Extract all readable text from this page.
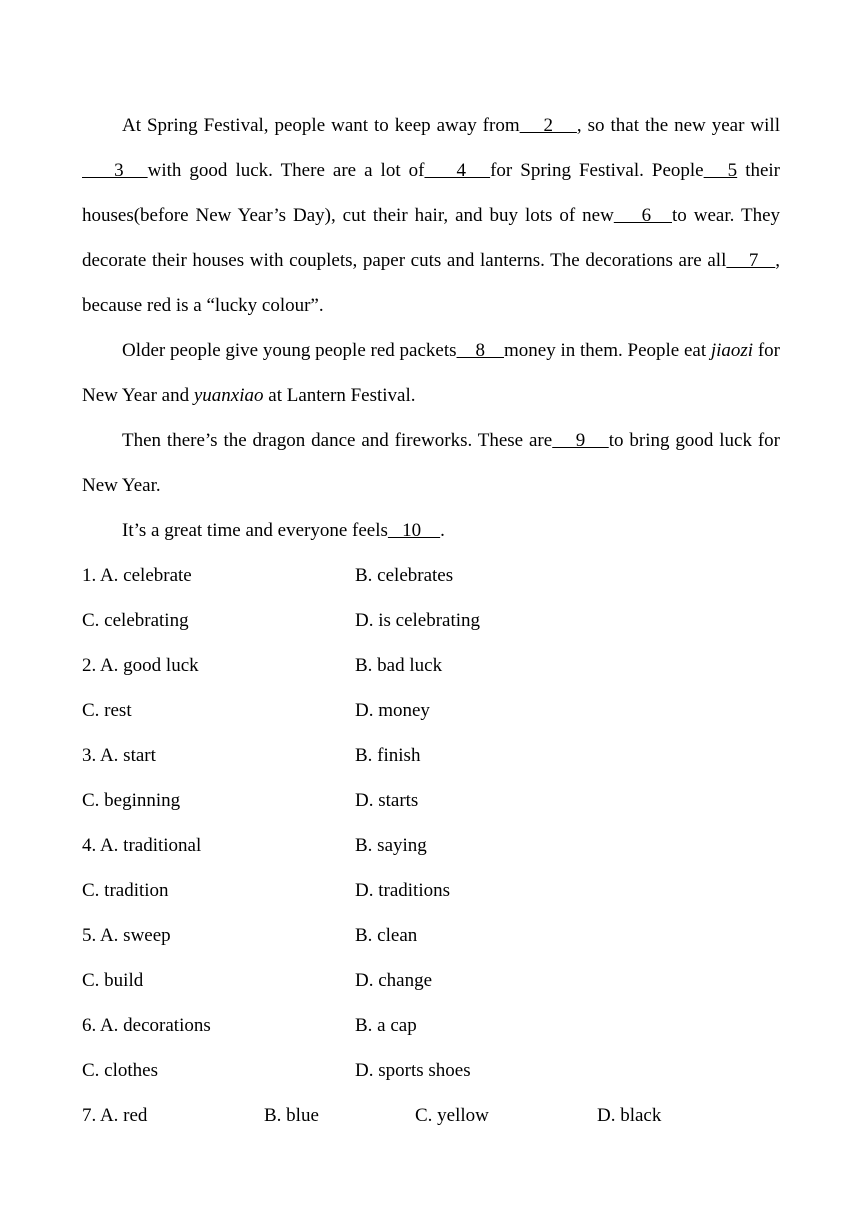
At Spring Festival, people want to keep away from    2    , so that the new year will    3   with good luck. There are a lot of    4   for Spring Festival. People   5 their houses(before New Year’s Day), cut their hair, and buy lots of new    6   to wear. They decorate their houses with couplets, paper cuts and lanterns. The decorations are all    7   , because red is a “lucky colour”.

Older people give young people red packets    8    money in them. People eat jiaozi for New Year and yuanxiao at Lantern Festival.

Then there’s the dragon dance and fireworks. These are    9    to bring good luck for New Year.

It’s a great time and everyone feels   10    .

1. A. celebrate	B. celebrates
C. celebrating	D. is celebrating
2. A. good luck	B. bad luck
C. rest	D. money
3. A. start	B. finish
C. beginning	D. starts
4. A. traditional	B. saying
C. tradition	D. traditions
5. A. sweep	B. clean
C. build	D. change
6. A. decorations	B. a cap
C. clothes	D. sports shoes
7. A. red	B. blue	C. yellow	D. black
